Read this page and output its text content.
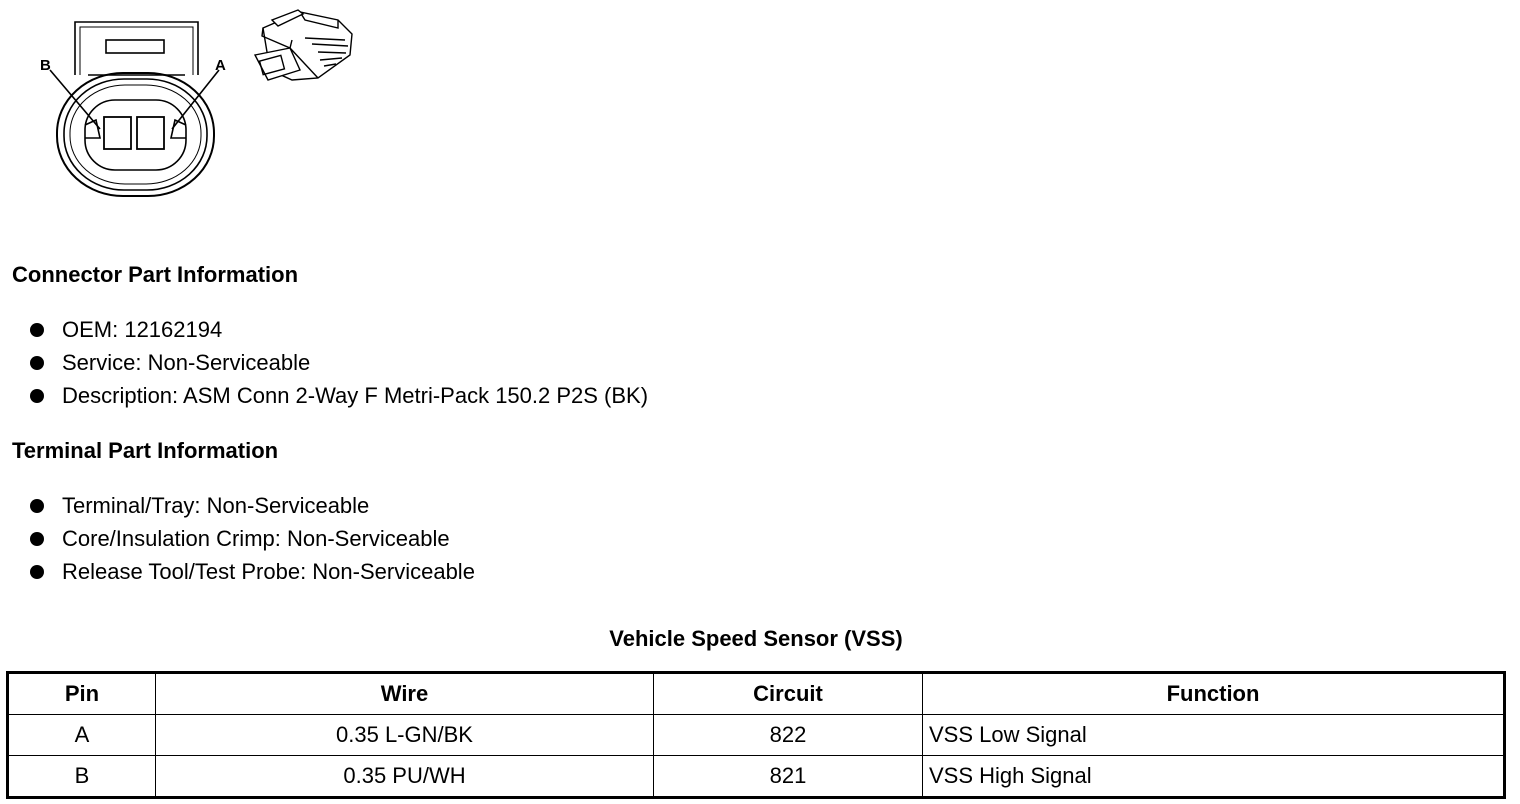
B	A
Connector Part Information
OEM: 12162194
Service: Non-Serviceable
Description: ASM Conn 2-Way F Metri-Pack 150.2 P2S (BK)
Terminal Part Information
Terminal/Tray: Non-Serviceable
Core/Insulation Crimp: Non-Serviceable
Release Tool/Test Probe: Non-Serviceable
Vehicle Speed Sensor (VSS)
Pin	Wire	Circuit	Function
A	0.35 L-GN/BK	822	VSS Low Signal
B	0.35 PU/WH	821	VSS High Signal
